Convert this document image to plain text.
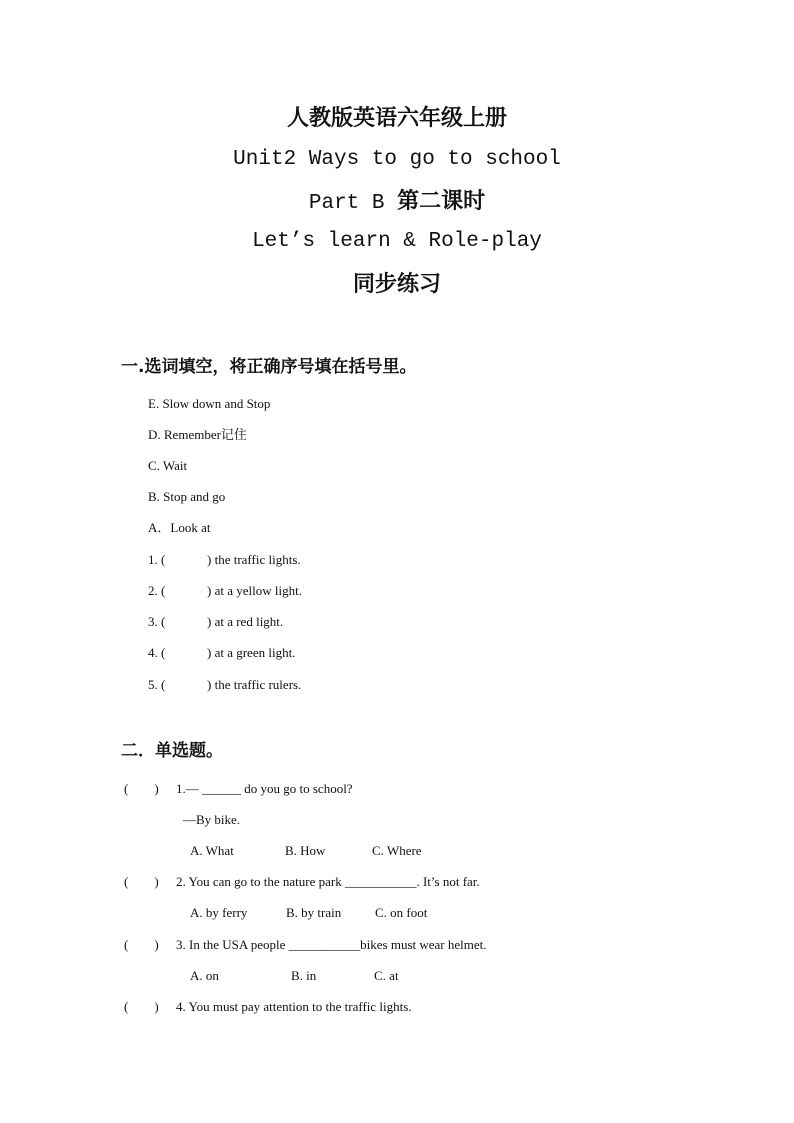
人教版英语六年级上册
Unit2 Ways to go to school
Part B 第二课时
Let’s learn & Role-play
同步练习
一.选词填空，将正确序号填在括号里。
E. Slow down and Stop
D. Remember记住
C. Wait
B. Stop and go
A．Look at
1. (	) the traffic lights.
2. (	) at a yellow light.
3. (	) at a red light.
4. (	) at a green light.
5. (	) the traffic rulers.
二．单选题。
(　　) 1.— ______ do you go to school?
—By bike.
A. What	B. How	C. Where
(　　) 2. You can go to the nature park ___________. It’s not far.
A. by ferry	B. by train	C. on foot
(　　) 3. In the USA people ___________bikes must wear helmet.
A. on	B. in	C. at
(　　) 4. You must pay attention to the traffic lights.
